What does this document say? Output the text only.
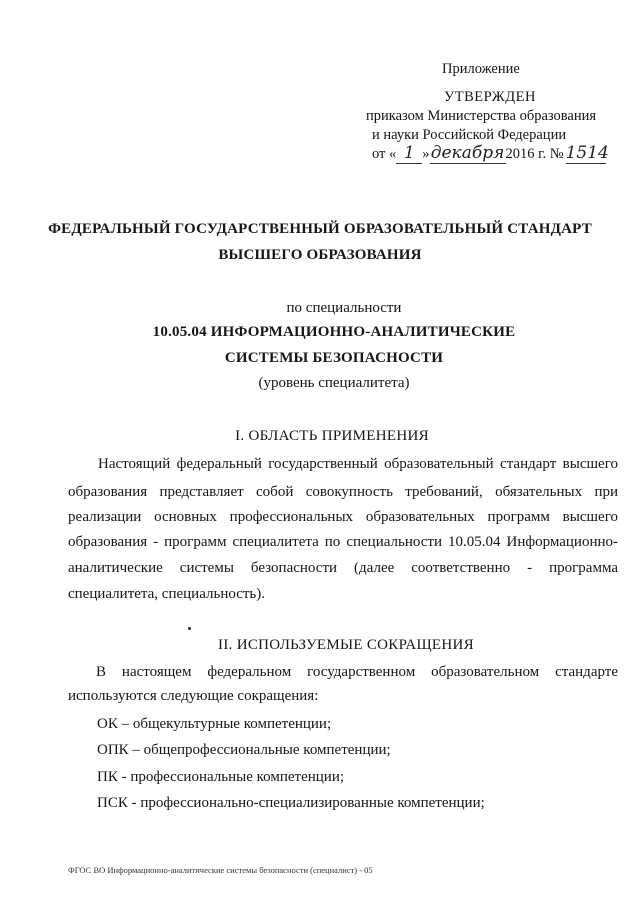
Приложение
УТВЕРЖДЕН
приказом Министерства образования
и науки Российской Федерации
от « 1 »декабря2016 г. № 1514
ФЕДЕРАЛЬНЫЙ ГОСУДАРСТВЕННЫЙ ОБРАЗОВАТЕЛЬНЫЙ СТАНДАРТ
ВЫСШЕГО ОБРАЗОВАНИЯ
по специальности
10.05.04 ИНФОРМАЦИОННО-АНАЛИТИЧЕСКИЕ
СИСТЕМЫ БЕЗОПАСНОСТИ
(уровень специалитета)
I. ОБЛАСТЬ ПРИМЕНЕНИЯ
Настоящий федеральный государственный образовательный стандарт высшего
образования представляет собой совокупность требований, обязательных при
реализации основных профессиональных образовательных программ высшего
образования - программ специалитета по специальности 10.05.04 Информационно-
аналитические системы безопасности (далее соответственно - программа
специалитета, специальность).
II. ИСПОЛЬЗУЕМЫЕ СОКРАЩЕНИЯ
В настоящем федеральном государственном образовательном стандарте
используются следующие сокращения:
ОК – общекультурные компетенции;
ОПК – общепрофессиональные компетенции;
ПК - профессиональные компетенции;
ПСК - профессионально-специализированные компетенции;
ФГОС ВО Информационно-аналитические системы безопасности (специалист) - 05
